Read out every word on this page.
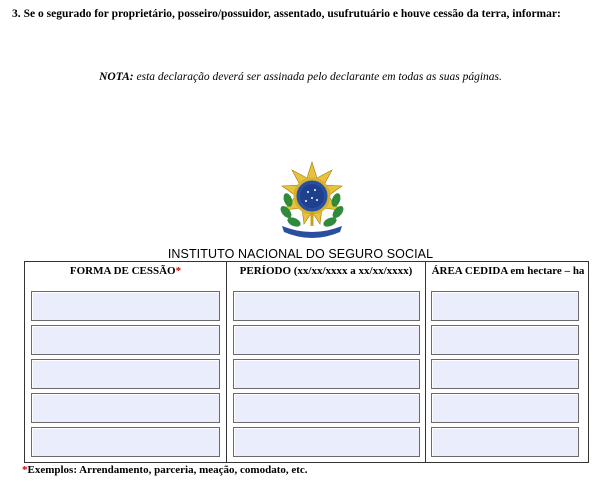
3. Se o segurado for proprietário, posseiro/possuidor, assentado, usufrutuário e houve cessão da terra, informar:
NOTA: esta declaração deverá ser assinada pelo declarante em todas as suas páginas.
INSTITUTO NACIONAL DO SEGURO SOCIAL
FORMA DE CESSÃO*	PERÍODO (xx/xx/xxxx a xx/xx/xxxx)	ÁREA CEDIDA em hectare – ha
*Exemplos: Arrendamento, parceria, meação, comodato, etc.
